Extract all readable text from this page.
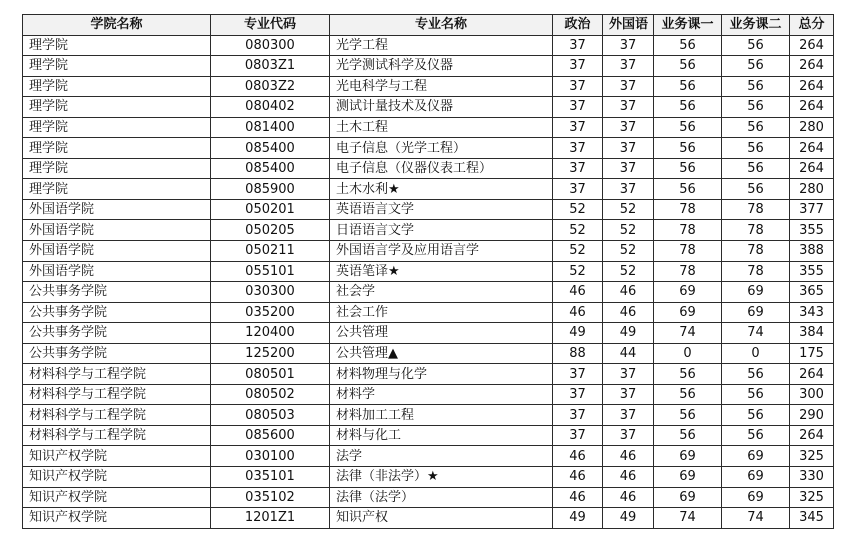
学院名称	专业代码	专业名称	政治	外国语	业务课一	业务课二	总分
理学院	080300	光学工程	37	37	56	56	264
理学院	0803Z1	光学测试科学及仪器	37	37	56	56	264
理学院	0803Z2	光电科学与工程	37	37	56	56	264
理学院	080402	测试计量技术及仪器	37	37	56	56	264
理学院	081400	土木工程	37	37	56	56	280
理学院	085400	电子信息（光学工程）	37	37	56	56	264
理学院	085400	电子信息（仪器仪表工程）	37	37	56	56	264
理学院	085900	土木水利★	37	37	56	56	280
外国语学院	050201	英语语言文学	52	52	78	78	377
外国语学院	050205	日语语言文学	52	52	78	78	355
外国语学院	050211	外国语言学及应用语言学	52	52	78	78	388
外国语学院	055101	英语笔译★	52	52	78	78	355
公共事务学院	030300	社会学	46	46	69	69	365
公共事务学院	035200	社会工作	46	46	69	69	343
公共事务学院	120400	公共管理	49	49	74	74	384
公共事务学院	125200	公共管理▲	88	44	0	0	175
材料科学与工程学院	080501	材料物理与化学	37	37	56	56	264
材料科学与工程学院	080502	材料学	37	37	56	56	300
材料科学与工程学院	080503	材料加工工程	37	37	56	56	290
材料科学与工程学院	085600	材料与化工	37	37	56	56	264
知识产权学院	030100	法学	46	46	69	69	325
知识产权学院	035101	法律（非法学）★	46	46	69	69	330
知识产权学院	035102	法律（法学）	46	46	69	69	325
知识产权学院	1201Z1	知识产权	49	49	74	74	345
